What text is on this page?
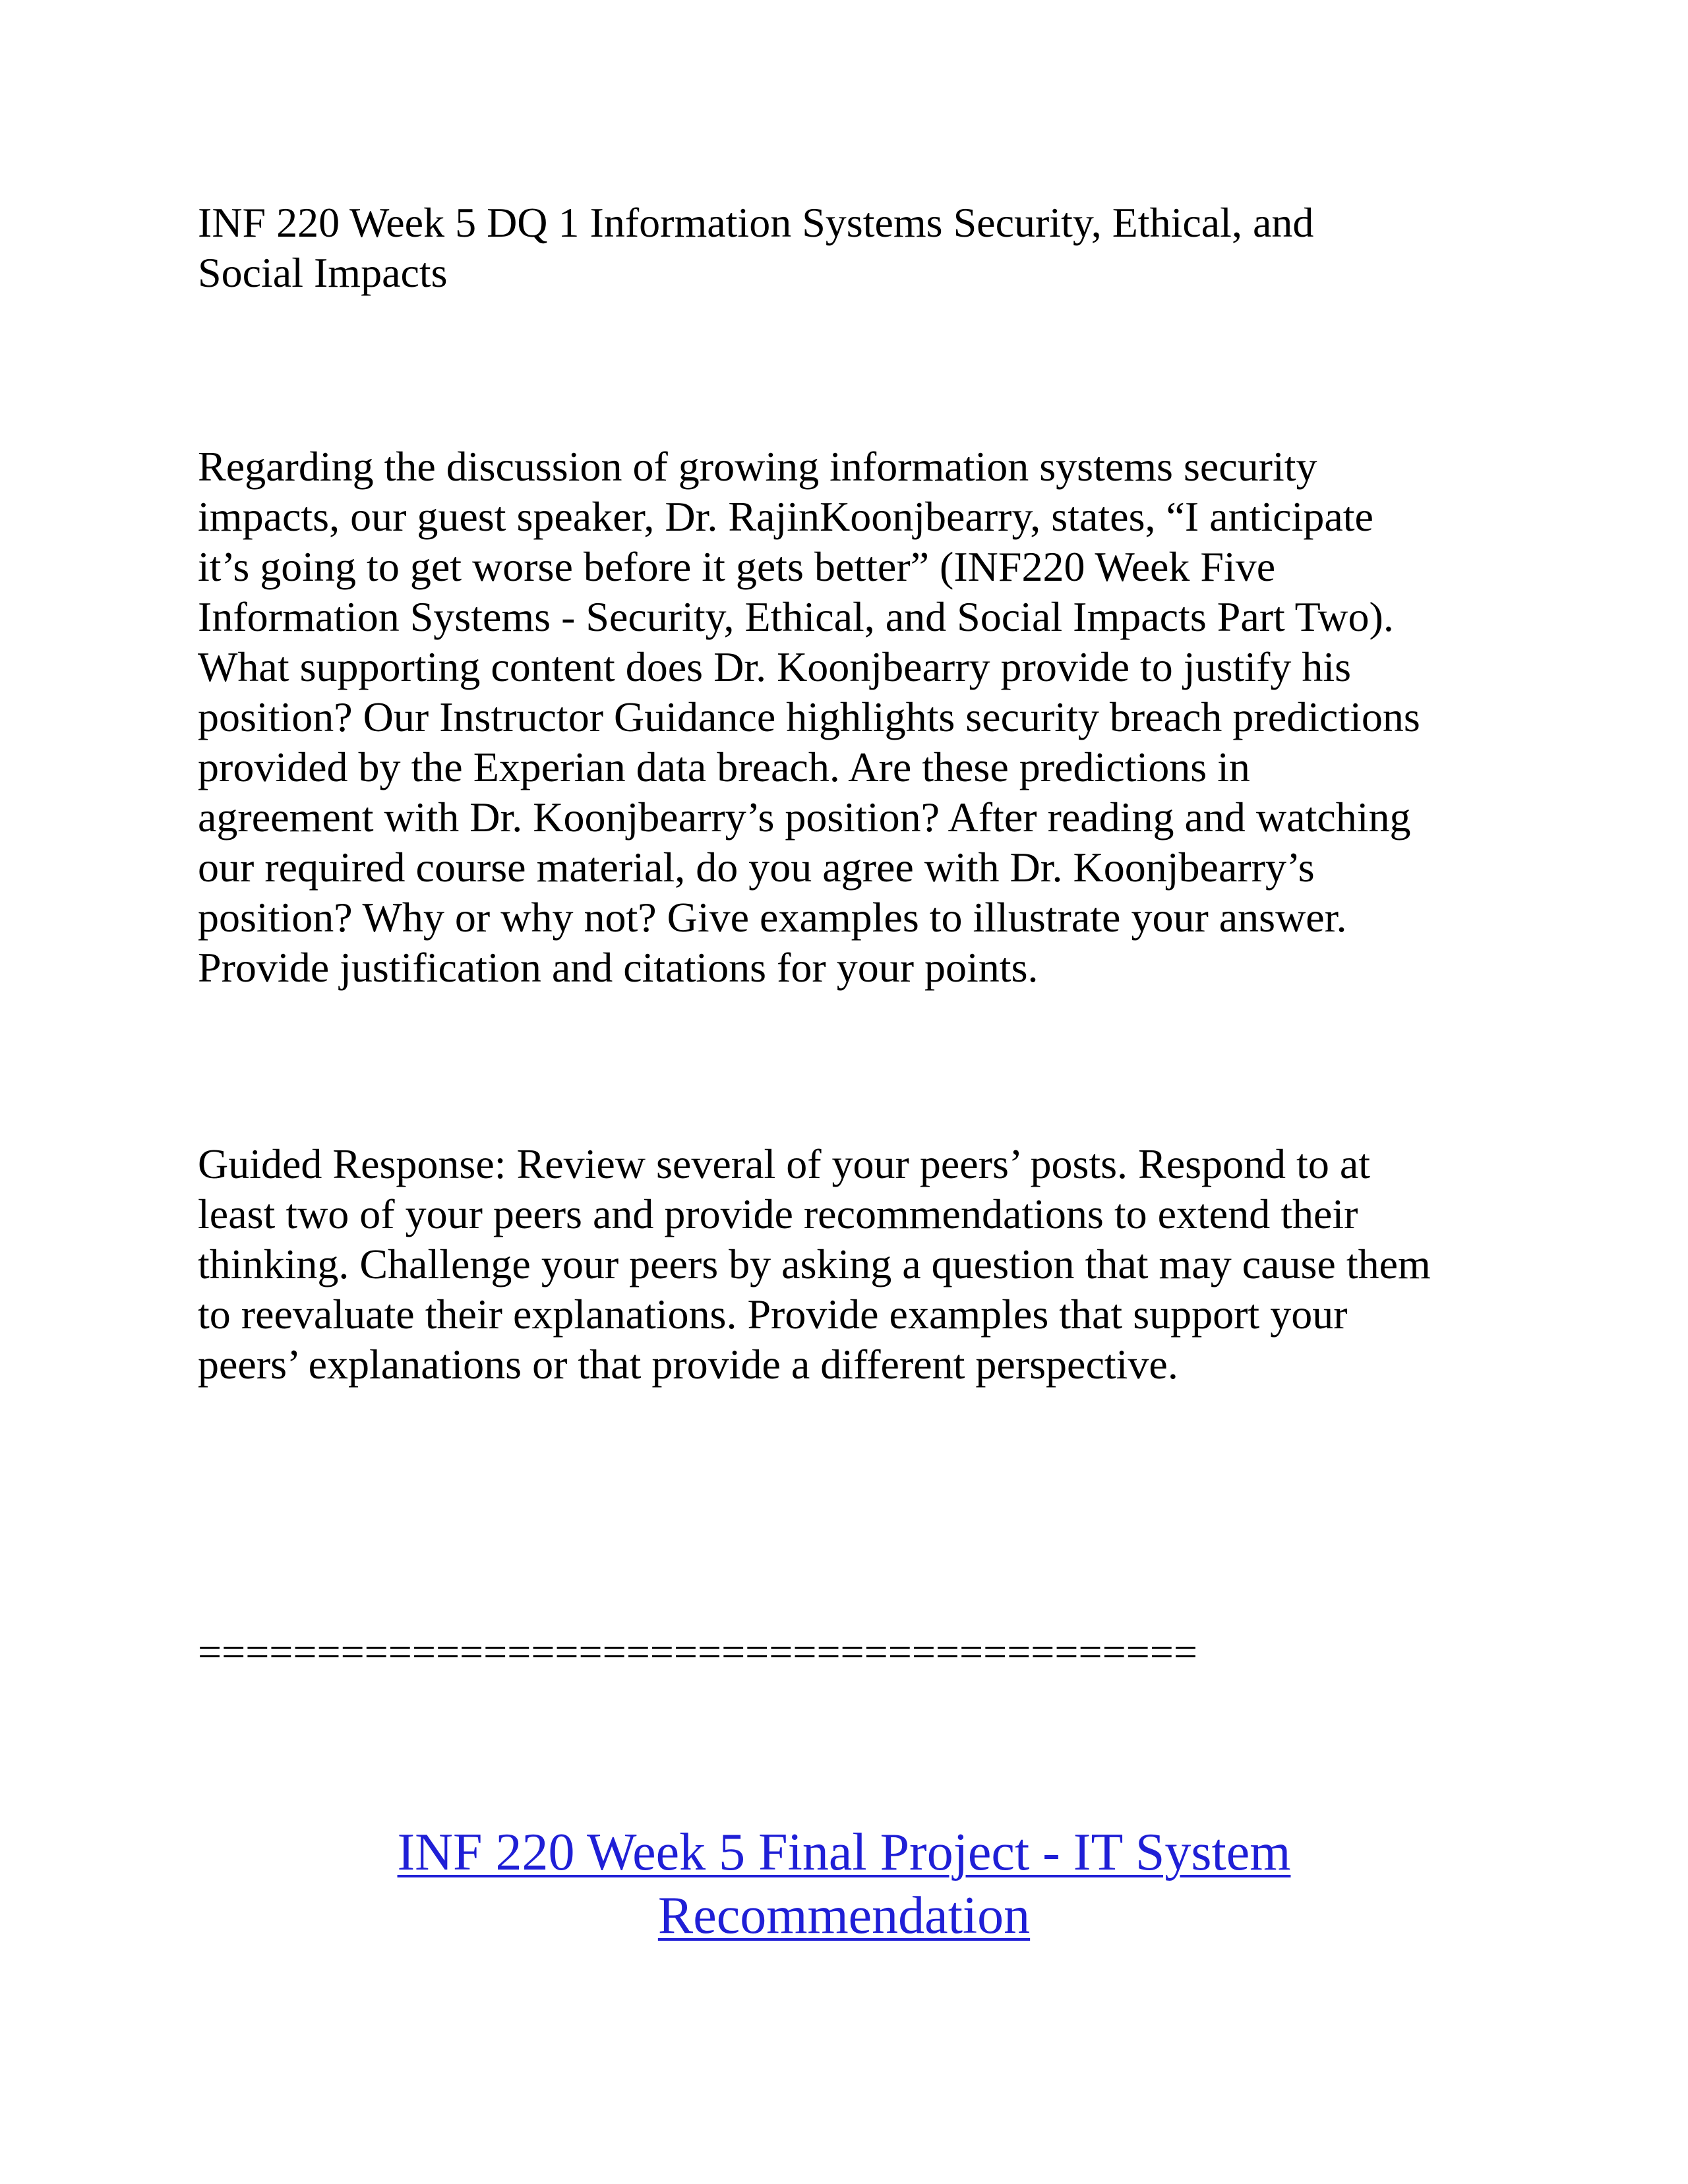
INF 220 Week 5 DQ 1 Information Systems Security, Ethical, and
Social Impacts

Regarding the discussion of growing information systems security
impacts, our guest speaker, Dr. RajinKoonjbearry, states, “I anticipate
it’s going to get worse before it gets better” (INF220 Week Five
Information Systems - Security, Ethical, and Social Impacts Part Two).
What supporting content does Dr. Koonjbearry provide to justify his
position? Our Instructor Guidance highlights security breach predictions
provided by the Experian data breach. Are these predictions in
agreement with Dr. Koonjbearry’s position? After reading and watching
our required course material, do you agree with Dr. Koonjbearry’s
position? Why or why not? Give examples to illustrate your answer.
Provide justification and citations for your points.

Guided Response: Review several of your peers’ posts. Respond to at
least two of your peers and provide recommendations to extend their
thinking. Challenge your peers by asking a question that may cause them
to reevaluate their explanations. Provide examples that support your
peers’ explanations or that provide a different perspective.

==========================================

INF 220 Week 5 Final Project - IT System
Recommendation
